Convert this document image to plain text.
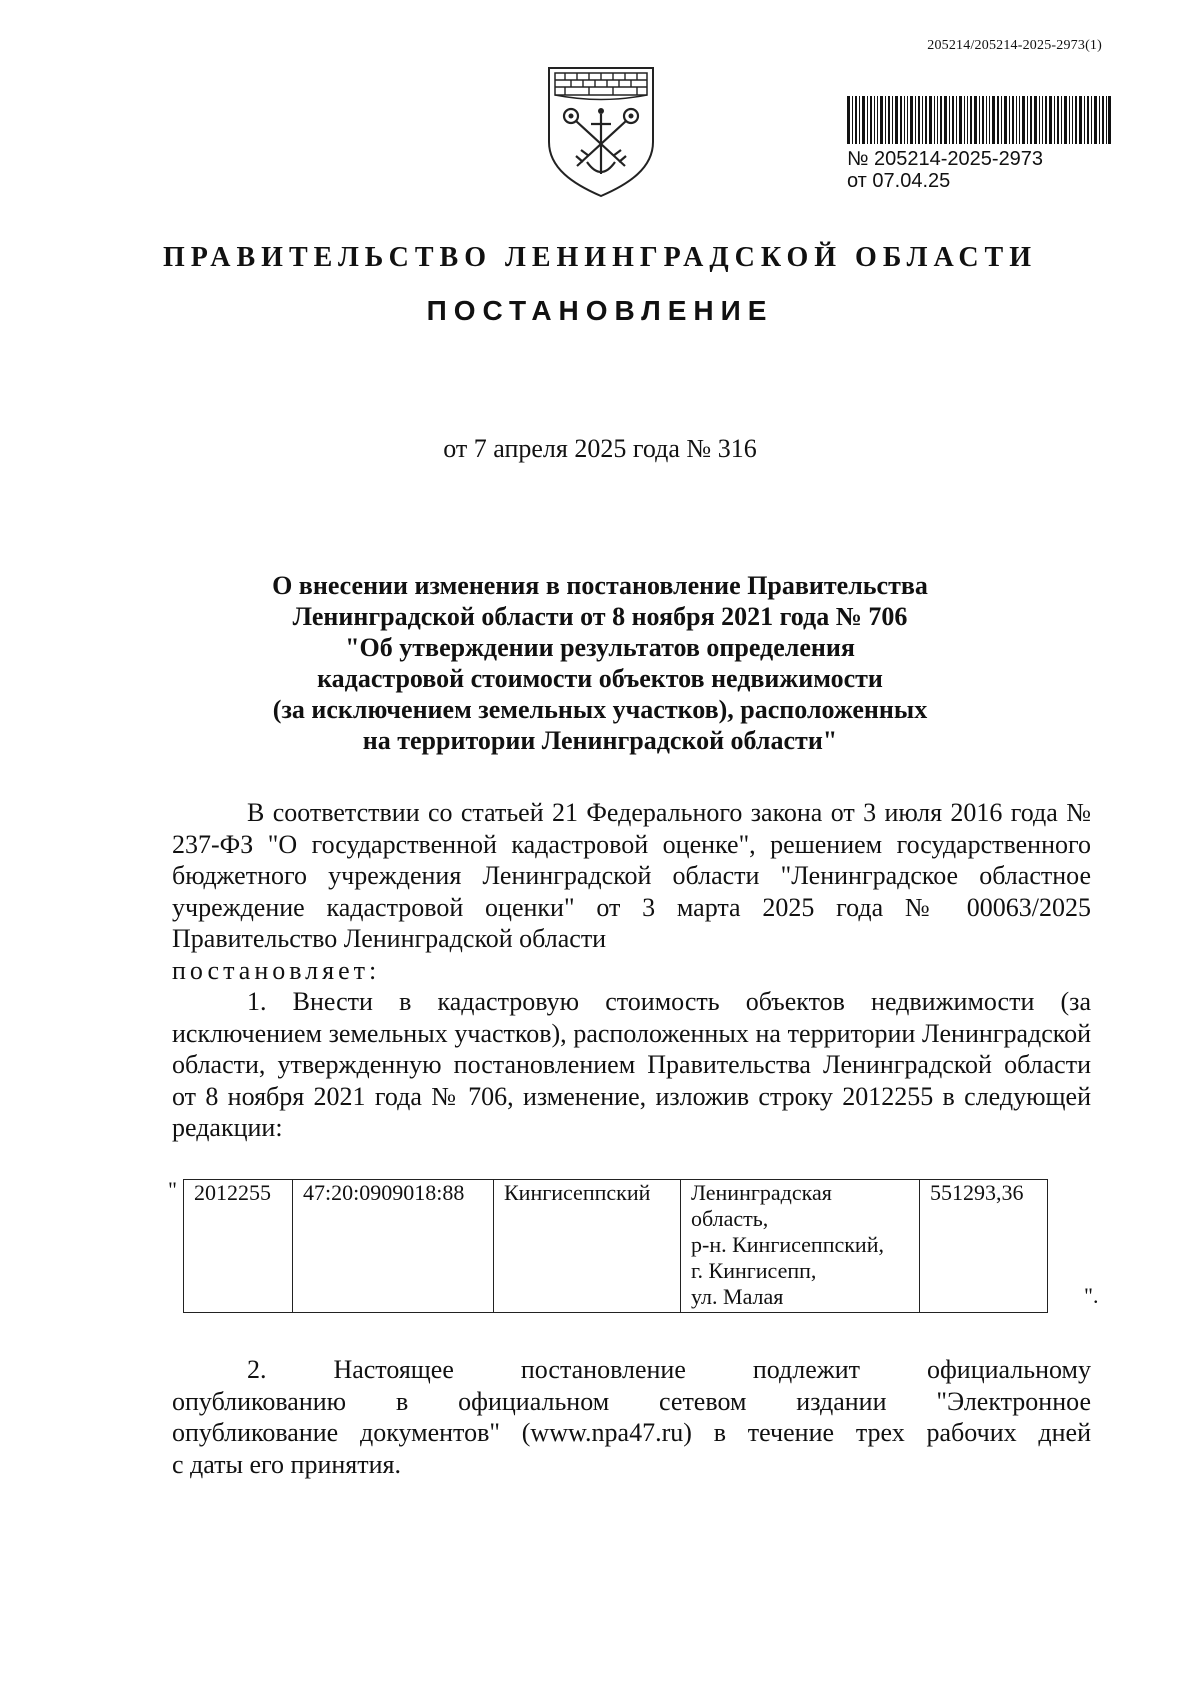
205214/205214-2025-2973(1)
№ 205214-2025-2973
от 07.04.25
ПРАВИТЕЛЬСТВО ЛЕНИНГРАДСКОЙ ОБЛАСТИ
ПОСТАНОВЛЕНИЕ
от 7 апреля 2025 года № 316
О внесении изменения в постановление Правительства
Ленинградской области от 8 ноября 2021 года № 706
"Об утверждении результатов определения
кадастровой стоимости объектов недвижимости
(за исключением земельных участков), расположенных
на территории Ленинградской области"

В соответствии со статьей 21 Федерального закона от 3 июля 2016 года № 237-ФЗ "О государственной кадастровой оценке", решением государственного бюджетного учреждения Ленинградской области "Ленинградское областное учреждение кадастровой оценки" от 3 марта 2025 года № 00063/2025 Правительство Ленинградской области

постановляет:

1. Внести в кадастровую стоимость объектов недвижимости (за исключением земельных участков), расположенных на территории Ленинградской области, утвержденную постановлением Правительства Ленинградской области от 8 ноября 2021 года № 706, изменение, изложив строку 2012255 в следующей редакции:

" 2012255	47:20:0909018:88	Кингисеппский	Ленинградская
область,
р-н. Кингисеппский,
г. Кингисепп,
ул. Малая
	551293,36
".
2. Настоящее постановление подлежит официальному
опубликованию в официальном сетевом издании "Электронное
опубликование документов" (www.npa47.ru) в течение трех рабочих дней
с даты его принятия.
